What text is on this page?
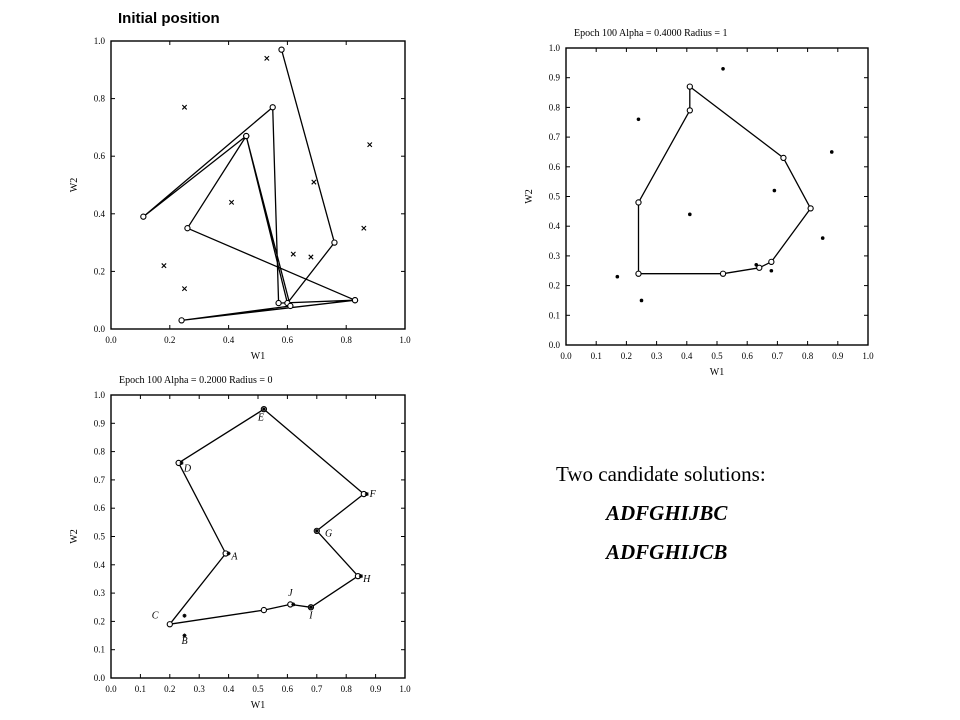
Initial position
0.0	0.2	0.4	0.6	0.8	1.0
0.0
0.2
0.4
0.6
0.8
1.0
W1
W2
0.0 0.1 0.2 0.3 0.4 0.5 0.6 0.7 0.8 0.9 1.0
0.0
0.1
0.2
0.3
0.4
0.5
0.6
0.7
0.8
0.9
1.0
W1
W2
Epoch 100 Alpha = 0.4000 Radius = 1
0.0 0.1 0.2 0.3 0.4 0.5 0.6 0.7 0.8 0.9 1.0
0.0
0.1
0.2
0.3
0.4
0.5
0.6
0.7
0.8
0.9
1.0
W1
W2
Epoch 100 Alpha = 0.2000 Radius = 0
E
D
F
G
A
H
J
I
C
B
Two candidate solutions:
ADFGHIJBC
ADFGHIJCB
